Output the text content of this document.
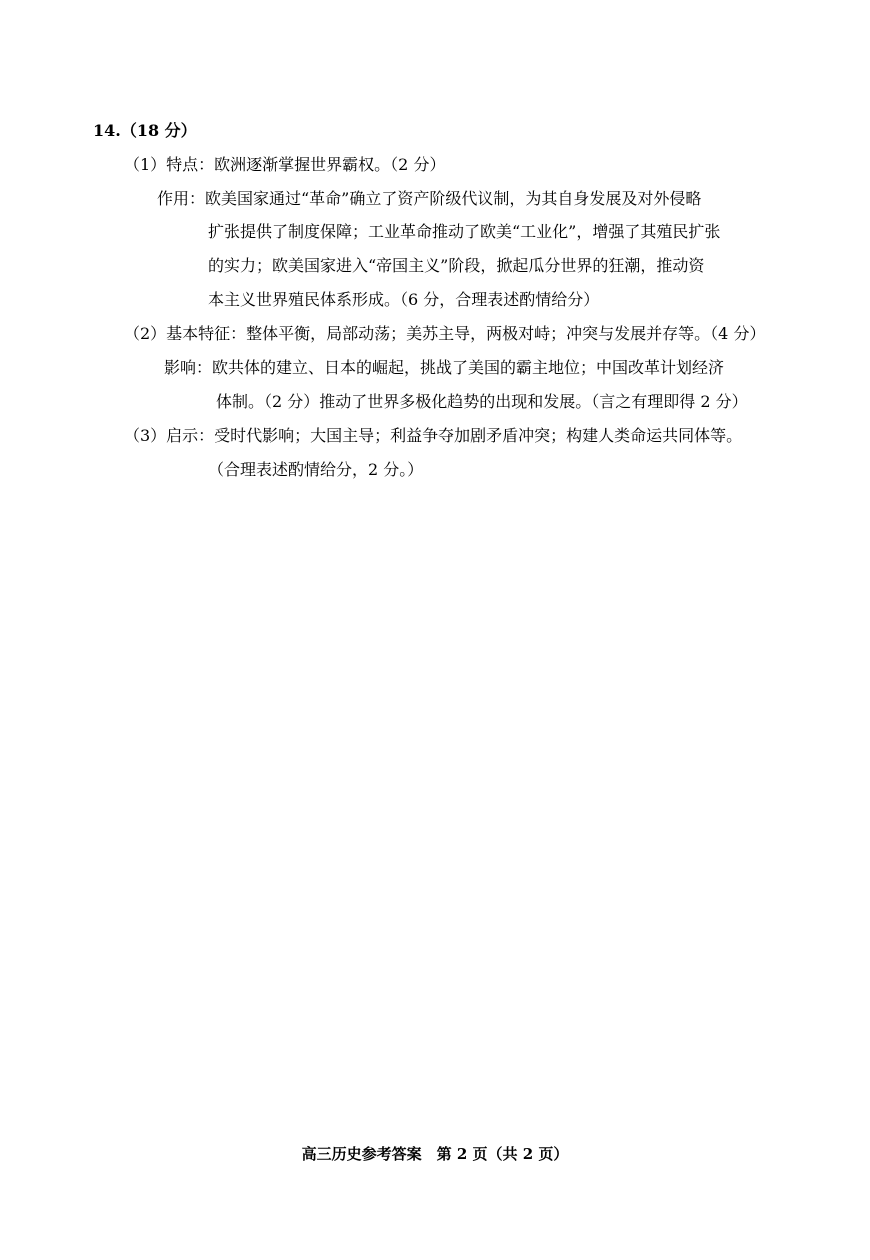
14.（18 分）
（1）特点：欧洲逐渐掌握世界霸权。（2 分）
作用：欧美国家通过“革命”确立了资产阶级代议制，为其自身发展及对外侵略
扩张提供了制度保障；工业革命推动了欧美“工业化”，增强了其殖民扩张
的实力；欧美国家进入“帝国主义”阶段，掀起瓜分世界的狂潮，推动资
本主义世界殖民体系形成。（6 分，合理表述酌情给分）
（2）基本特征：整体平衡，局部动荡；美苏主导，两极对峙；冲突与发展并存等。（4 分）
影响：欧共体的建立、日本的崛起，挑战了美国的霸主地位；中国改革计划经济
体制。（2 分）推动了世界多极化趋势的出现和发展。（言之有理即得 2 分）
（3）启示：受时代影响；大国主导；利益争夺加剧矛盾冲突；构建人类命运共同体等。
（合理表述酌情给分，2 分。）
高三历史参考答案　第 2 页（共 2 页）
